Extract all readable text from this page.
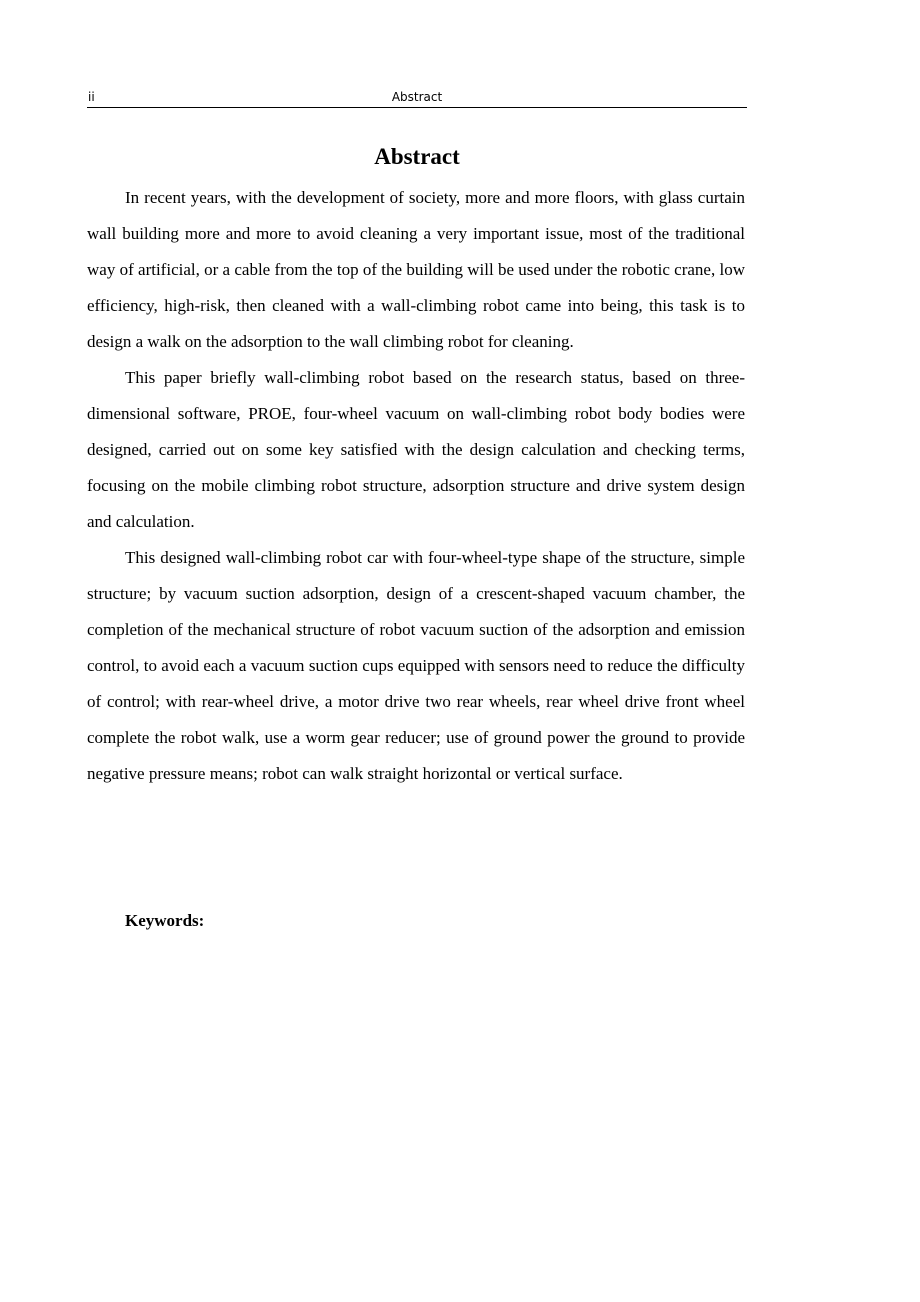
ii	Abstract
Abstract

In recent years, with the development of society, more and more floors, with glass curtain wall building more and more to avoid cleaning a very important issue, most of the traditional way of artificial, or a cable from the top of the building will be used under the robotic crane, low efficiency, high-risk, then cleaned with a wall-climbing robot came into being, this task is to design a walk on the adsorption to the wall climbing robot for cleaning.

This paper briefly wall-climbing robot based on the research status, based on three-dimensional software, PROE, four-wheel vacuum on wall-climbing robot body bodies were designed, carried out on some key satisfied with the design calculation and checking terms, focusing on the mobile climbing robot structure, adsorption structure and drive system design and calculation.

This designed wall-climbing robot car with four-wheel-type shape of the structure, simple structure; by vacuum suction adsorption, design of a crescent-shaped vacuum chamber, the completion of the mechanical structure of robot vacuum suction of the adsorption and emission control, to avoid each a vacuum suction cups equipped with sensors need to reduce the difficulty of control; with rear-wheel drive, a motor drive two rear wheels, rear wheel drive front wheel complete the robot walk, use a worm gear reducer; use of ground power the ground to provide negative pressure means; robot can walk straight horizontal or vertical surface.

Keywords:
